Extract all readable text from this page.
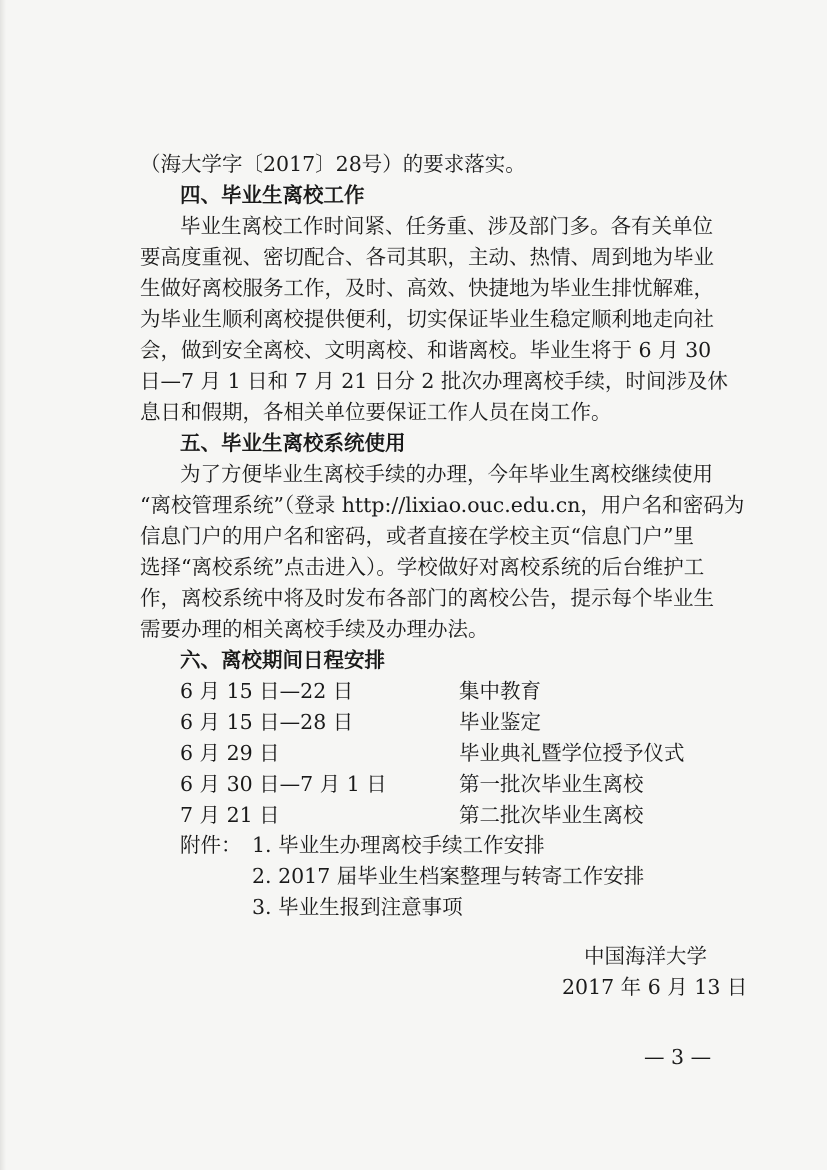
（海大学字〔2017〕28号）的要求落实。
四、毕业生离校工作
毕业生离校工作时间紧、任务重、涉及部门多。各有关单位
要高度重视、密切配合、各司其职，主动、热情、周到地为毕业
生做好离校服务工作，及时、高效、快捷地为毕业生排忧解难，
为毕业生顺利离校提供便利，切实保证毕业生稳定顺利地走向社
会，做到安全离校、文明离校、和谐离校。毕业生将于 6 月 30
日—7 月 1 日和 7 月 21 日分 2 批次办理离校手续，时间涉及休
息日和假期，各相关单位要保证工作人员在岗工作。
五、毕业生离校系统使用
为了方便毕业生离校手续的办理，今年毕业生离校继续使用
“离校管理系统”（登录 http://lixiao.ouc.edu.cn，用户名和密码为
信息门户的用户名和密码，或者直接在学校主页“信息门户”里
选择“离校系统”点击进入）。学校做好对离校系统的后台维护工
作，离校系统中将及时发布各部门的离校公告，提示每个毕业生
需要办理的相关离校手续及办理办法。
六、离校期间日程安排
6 月 15 日—22 日	集中教育
6 月 15 日—28 日	毕业鉴定
6 月 29 日	毕业典礼暨学位授予仪式
6 月 30 日—7 月 1 日	第一批次毕业生离校
7 月 21 日	第二批次毕业生离校
附件： 1. 毕业生办理离校手续工作安排
2. 2017 届毕业生档案整理与转寄工作安排
3. 毕业生报到注意事项
中国海洋大学
2017 年 6 月 13 日
— 3 —
